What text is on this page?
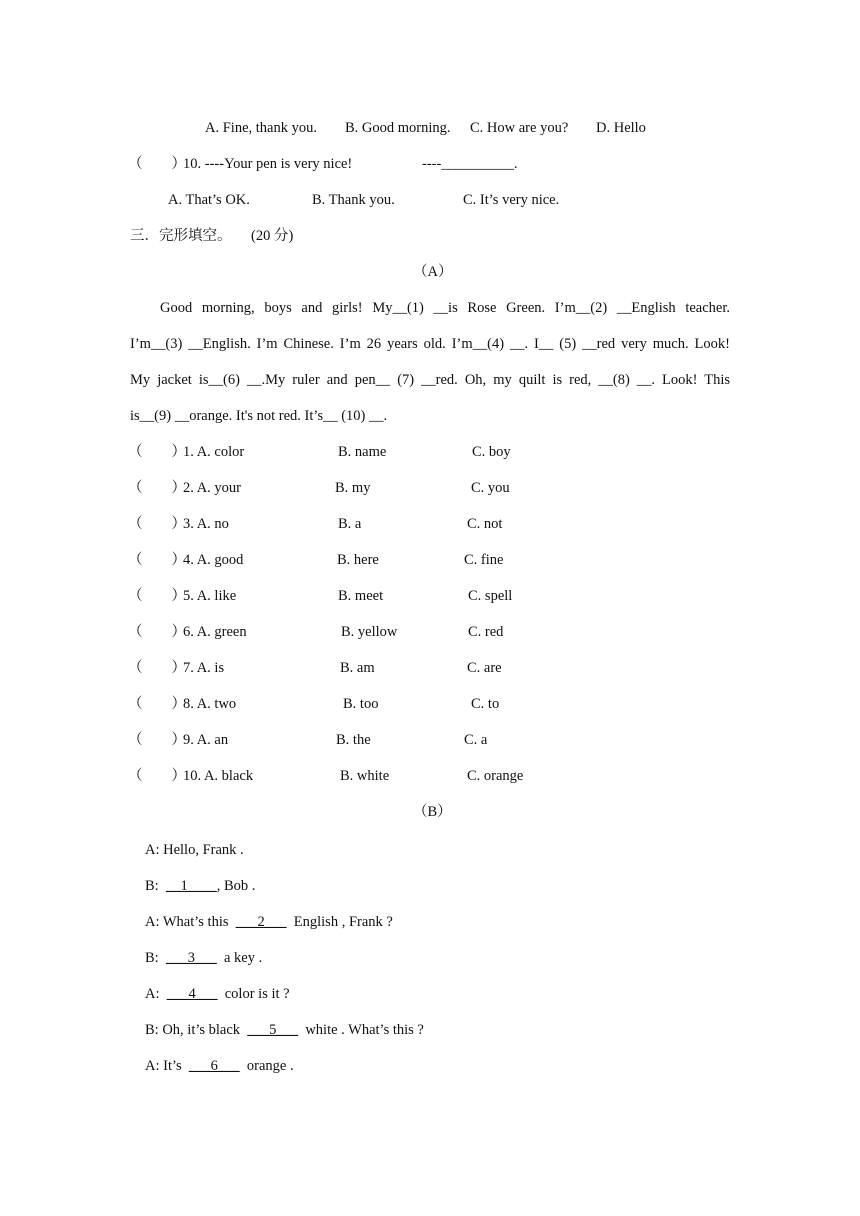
A. Fine, thank you. B. Good morning. C. How are you? D. Hello
（　　）
10. ----Your pen is very nice!	----__________.
A. That’s OK.	B. Thank you.	C. It’s very nice.
三．完形填空。 (20 分)
（A）
Good morning, boys and girls! My__(1) __is Rose Green. I’m__(2) __English teacher.
I’m__(3) __English. I’m Chinese. I’m 26 years old. I’m__(4) __. I__ (5) __red very much. Look!
My jacket is__(6) __.My ruler and pen__ (7) __red. Oh, my quilt is red, __(8) __. Look! This
is__(9) __orange. It's not red. It’s__ (10) __.
（　　）
1. A. color	B. name	C. boy
（　　）
2. A. your	B. my	C. you
（　　）
3. A. no	B. a	C. not
（　　）
4. A. good	B. here	C. fine
（　　）
5. A. like	B. meet	C. spell
（　　）
6. A. green	B. yellow	C. red
（　　）
7. A. is	B. am	C. are
（　　）
8. A. two	B. too	C. to
（　　）
9. A. an	B. the	C. a
（　　）
10. A. black	B. white	C. orange
（B）
A: Hello, Frank .
B:  __1____, Bob .
A: What’s this  ___2___  English , Frank ?
B:  ___3___  a key .
A:  ___4___  color is it ?
B: Oh, it’s black  ___5___  white . What’s this ?
A: It’s  ___6___  orange .
